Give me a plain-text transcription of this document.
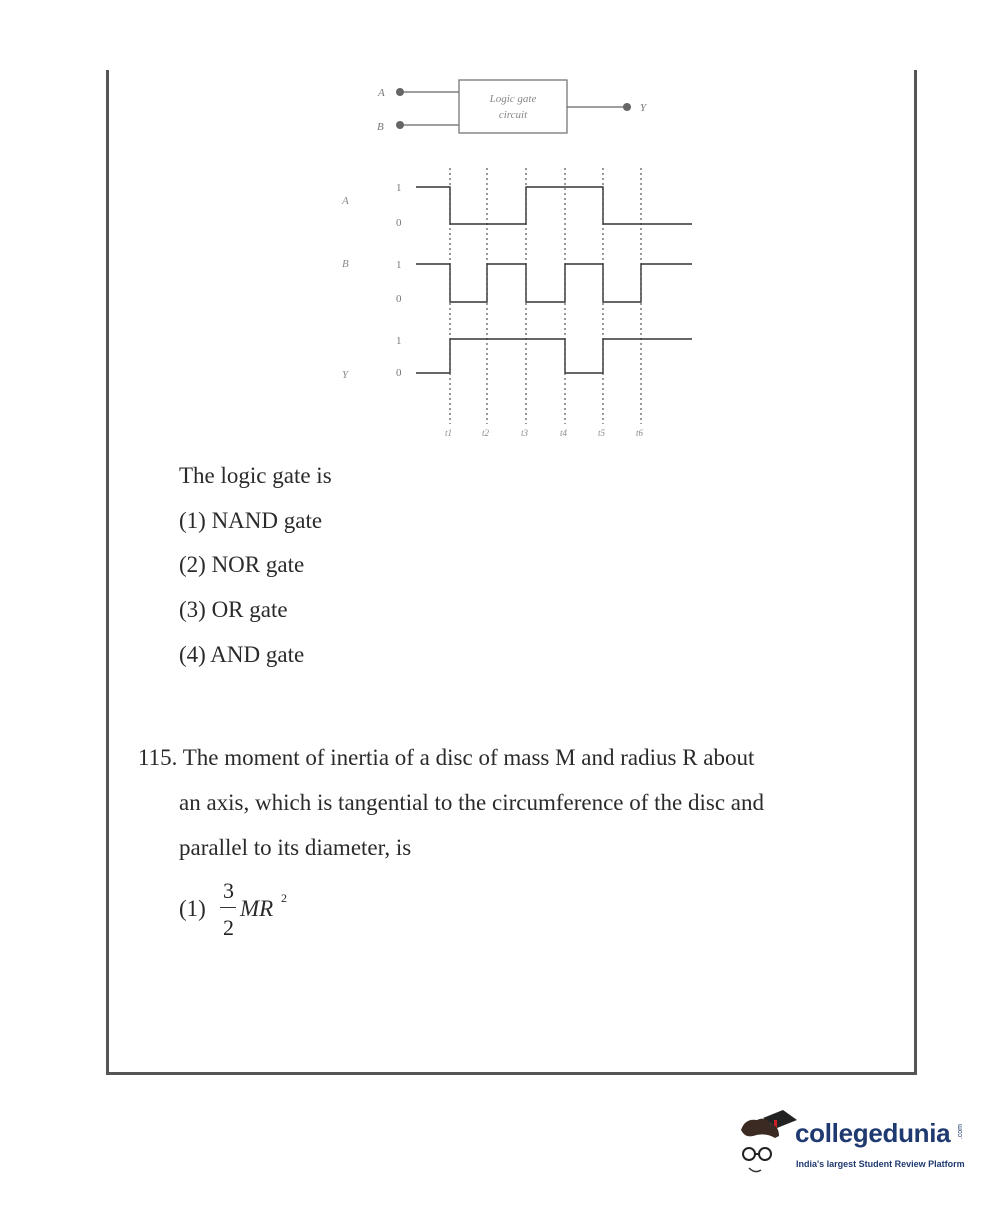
A
B
Logic gate
circuit
Y
A
B
Y
1
0
1
0
1
0
t1	t2	t3	t4	t5	t6
The logic gate is
(1) NAND gate
(2) NOR gate
(3) OR gate
(4) AND gate
115. The moment of inertia of a disc of mass M and radius R about
an axis, which is tangential to the circumference of the disc and
parallel to its diameter, is
(1)
3
2
MR 2
collegedunia .com
India's largest Student Review Platform
